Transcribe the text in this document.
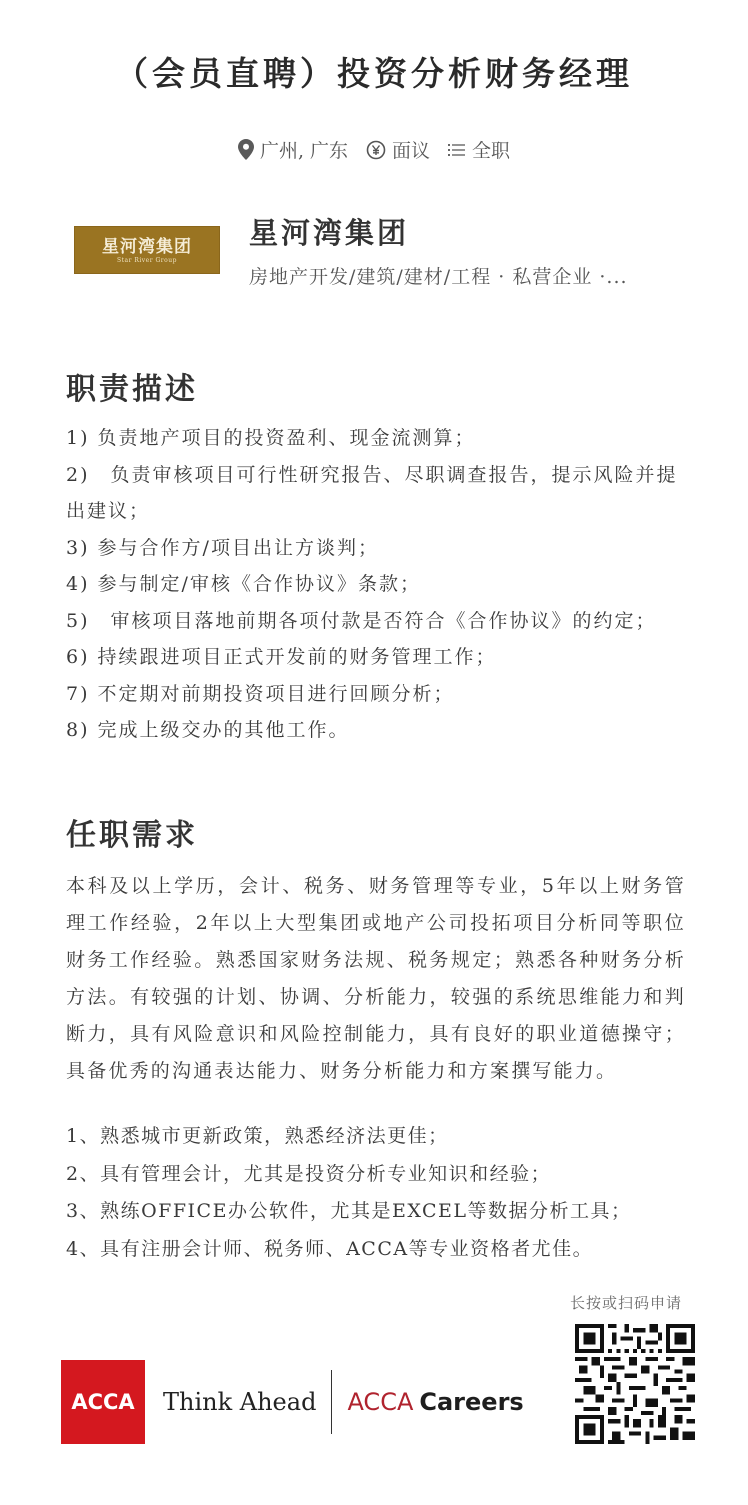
（会员直聘）投资分析财务经理
广州, 广东 面议 全职
星河湾集团
Star River Group
星河湾集团
房地产开发/建筑/建材/工程 · 私营企业 ·...
职责描述
1) 负责地产项目的投资盈利、现金流测算；
2)　负责审核项目可行性研究报告、尽职调查报告，提示风险并提出建议；
3) 参与合作方/项目出让方谈判；
4) 参与制定/审核《合作协议》条款；
5)　审核项目落地前期各项付款是否符合《合作协议》的约定；
6) 持续跟进项目正式开发前的财务管理工作；
7) 不定期对前期投资项目进行回顾分析；
8) 完成上级交办的其他工作。
任职需求
本科及以上学历，会计、税务、财务管理等专业，5年以上财务管理工作经验，2年以上大型集团或地产公司投拓项目分析同等职位财务工作经验。熟悉国家财务法规、税务规定；熟悉各种财务分析方法。有较强的计划、协调、分析能力，较强的系统思维能力和判断力，具有风险意识和风险控制能力，具有良好的职业道德操守；具备优秀的沟通表达能力、财务分析能力和方案撰写能力。
1、熟悉城市更新政策，熟悉经济法更佳；
2、具有管理会计，尤其是投资分析专业知识和经验；
3、熟练OFFICE办公软件，尤其是EXCEL等数据分析工具；
4、具有注册会计师、税务师、ACCA等专业资格者尤佳。
ACCA	Think Ahead ACCA Careers
长按或扫码申请
